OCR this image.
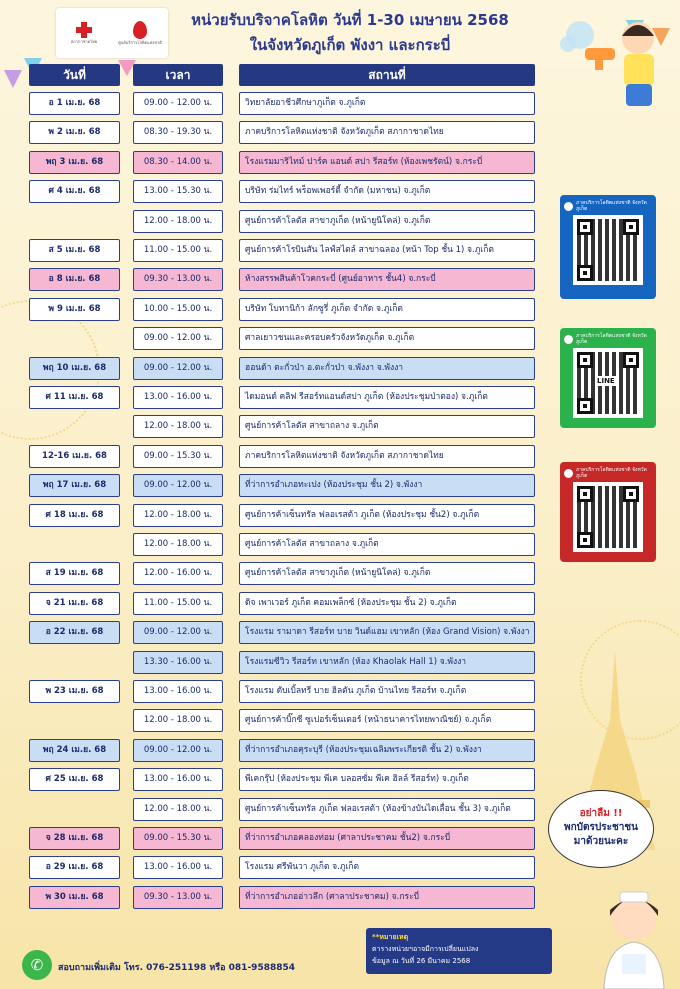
สภากาชาดไทย	ศูนย์บริการโลหิตแห่งชาติ
หน่วยรับบริจาคโลหิต วันที่ 1-30 เมษายน 2568
ในจังหวัดภูเก็ต พังงา และกระบี่
วันที่	เวลา	สถานที่
อ 1 เม.ย. 68	09.00 - 12.00 น.	วิทยาลัยอาชีวศึกษาภูเก็ต จ.ภูเก็ต
พ 2 เม.ย. 68	08.30 - 19.30 น.	ภาคบริการโลหิตแห่งชาติ จังหวัดภูเก็ต สภากาชาดไทย
พฤ 3 เม.ย. 68	08.30 - 14.00 น.	โรงแรมมาริไทม์ ปาร์ค แอนด์ สปา รีสอร์ท (ห้องเพชรัตน์) จ.กระบี่
ศ 4 เม.ย. 68	13.00 - 15.30 น.	บริษัท ร่มไทร์ พร็อพเพอร์ตี้ จำกัด (มหาชน) จ.ภูเก็ต
12.00 - 18.00 น.	ศูนย์การค้าโลตัส สาขาภูเก็ต (หน้ายูนิโคล่) จ.ภูเก็ต
ส 5 เม.ย. 68	11.00 - 15.00 น.	ศูนย์การค้าโรบินสัน ไลฟ์สไตล์ สาขาฉลอง (หน้า Top ชั้น 1) จ.ภูเก็ต
อ 8 เม.ย. 68	09.30 - 13.00 น.	ห้างสรรพสินค้าโวคกระบี่ (ศูนย์อาหาร ชั้น4) จ.กระบี่
พ 9 เม.ย. 68	10.00 - 15.00 น.	บริษัท โบทานิก้า ลักซูรี่ ภูเก็ต จำกัด จ.ภูเก็ต
09.00 - 12.00 น.	ศาลเยาวชนและครอบครัวจังหวัดภูเก็ต จ.ภูเก็ต
พฤ 10 เม.ย. 68	09.00 - 12.00 น.	ฮอนด้า ตะกั่วป่า อ.ตะกั่วป่า จ.พังงา จ.พังงา
ศ 11 เม.ย. 68	13.00 - 16.00 น.	ไดมอนด์ คลิฟ รีสอร์ทแอนด์สปา ภูเก็ต (ห้องประชุมป่าตอง) จ.ภูเก็ต
12.00 - 18.00 น.	ศูนย์การค้าโลตัส สาขาถลาง จ.ภูเก็ต
12-16 เม.ย. 68	09.00 - 15.30 น.	ภาคบริการโลหิตแห่งชาติ จังหวัดภูเก็ต สภากาชาดไทย
พฤ 17 เม.ย. 68	09.00 - 12.00 น.	ที่ว่าการอำเภอทะเปง (ห้องประชุม ชั้น 2) จ.พังงา
ศ 18 เม.ย. 68	12.00 - 18.00 น.	ศูนย์การค้าเซ็นทรัล ฟลอเรสต้า ภูเก็ต (ห้องประชุม ชั้น2) จ.ภูเก็ต
12.00 - 18.00 น.	ศูนย์การค้าโลตัส สาขาถลาง จ.ภูเก็ต
ส 19 เม.ย. 68	12.00 - 16.00 น.	ศูนย์การค้าโลตัส สาขาภูเก็ต (หน้ายูนิโคล่) จ.ภูเก็ต
จ 21 เม.ย. 68	11.00 - 15.00 น.	ดิจ เพาเวอร์ ภูเก็ต คอมเพล็กซ์ (ห้องประชุม ชั้น 2) จ.ภูเก็ต
อ 22 เม.ย. 68	09.00 - 12.00 น.	โรงแรม รามาดา รีสอร์ท บาย วินด์แฮม เขาหลัก (ห้อง Grand Vision) จ.พังงา
13.30 - 16.00 น.	โรงแรมซีวิว รีสอร์ท เขาหลัก (ห้อง Khaolak Hall 1) จ.พังงา
พ 23 เม.ย. 68	13.00 - 16.00 น.	โรงแรม ดับเบิ้ลทรี บาย ฮิลตัน ภูเก็ต บ้านไทย รีสอร์ท จ.ภูเก็ต
12.00 - 18.00 น.	ศูนย์การค้าบิ๊กซี ซูเปอร์เซ็นเตอร์ (หน้าธนาคารไทยพาณิชย์) จ.ภูเก็ต
พฤ 24 เม.ย. 68	09.00 - 12.00 น.	ที่ว่าการอำเภอคุระบุรี (ห้องประชุมเฉลิมพระเกียรติ ชั้น 2) จ.พังงา
ศ 25 เม.ย. 68	13.00 - 16.00 น.	พีเคกรุ๊ป (ห้องประชุม พีเค บลอสซั่ม พีเค ฮิลล์ รีสอร์ท) จ.ภูเก็ต
12.00 - 18.00 น.	ศูนย์การค้าเซ็นทรัล ภูเก็ต ฟลอเรสต้า (ห้องข้างบันไดเลื่อน ชั้น 3) จ.ภูเก็ต
จ 28 เม.ย. 68	09.00 - 15.30 น.	ที่ว่าการอำเภอคลองท่อม (ศาลาประชาคม ชั้น2) จ.กระบี่
อ 29 เม.ย. 68	13.00 - 16.00 น.	โรงแรม ศรีพันวา ภูเก็ต จ.ภูเก็ต
พ 30 เม.ย. 68	09.30 - 13.00 น.	ที่ว่าการอำเภออ่าวลึก (ศาลาประชาคม) จ.กระบี่
ภาคบริการโลหิตแห่งชาติ จังหวัดภูเก็ต
ภาคบริการโลหิตแห่งชาติ จังหวัดภูเก็ต
LINE
ภาคบริการโลหิตแห่งชาติ จังหวัดภูเก็ต
อย่าลืม !!
พกบัตรประชาชน
มาด้วยนะคะ
**หมายเหตุ
ตารางหน่วยฯอาจมีการเปลี่ยนแปลง
ข้อมูล ณ วันที่ 26 มีนาคม 2568
✆	สอบถามเพิ่มเติม โทร. 076-251198 หรือ 081-9588854
